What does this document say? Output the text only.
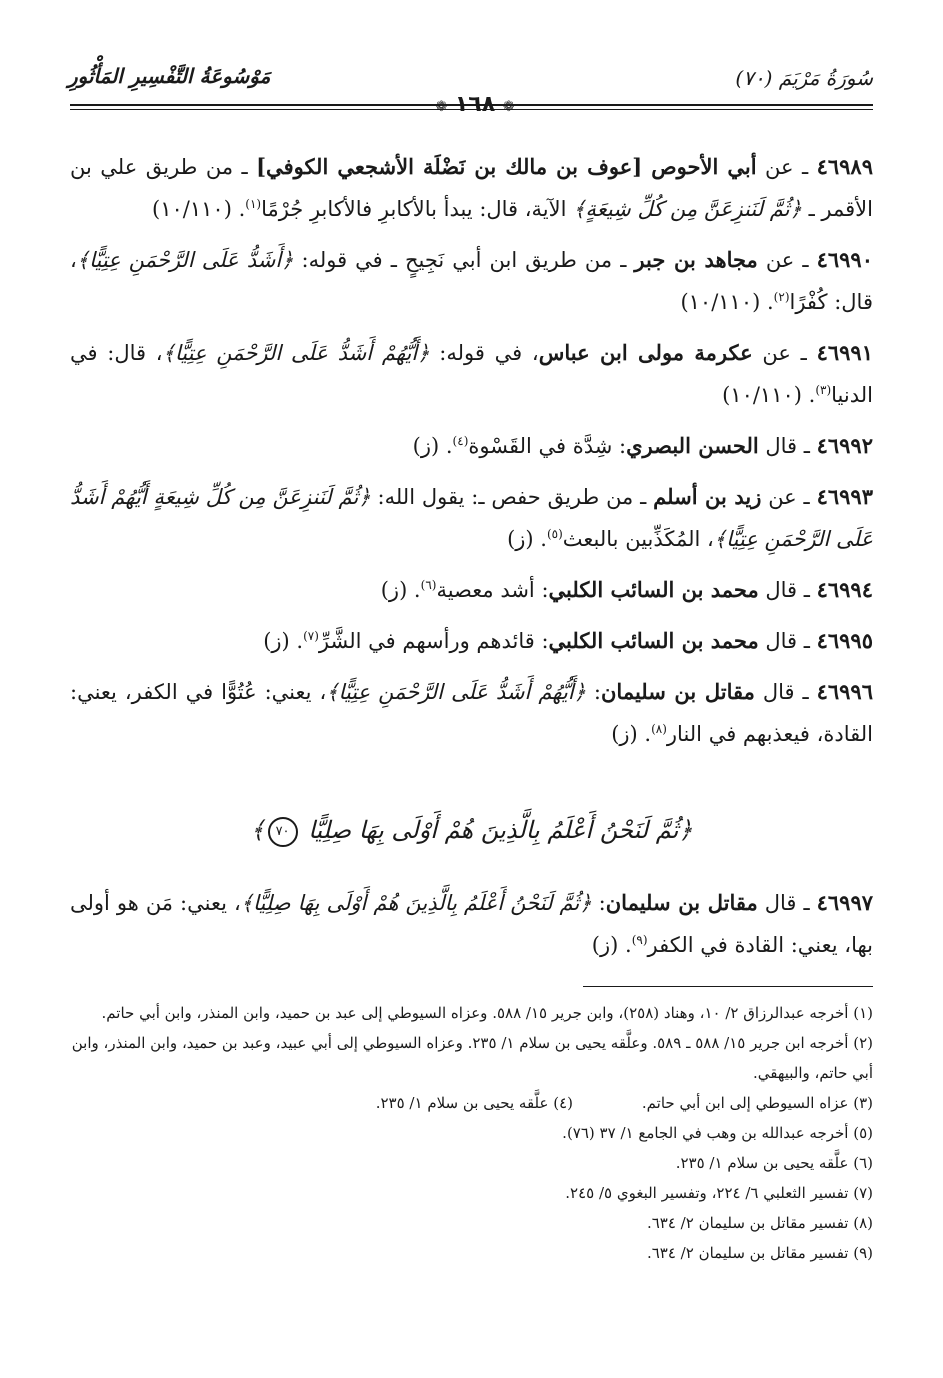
سُورَةُ مَرْيَمَ (٧٠)
❁ ١٦٨ ❁
مَوْسُوعَةُ التَّفْسِيرِ المَأْثُورِ

٤٦٩٨٩ ـ عن أبي الأحوص [عوف بن مالك بن نَضْلَة الأشجعي الكوفي] ـ من طريق علي بن الأقمر ـ ﴿ثُمَّ لَنَنزِعَنَّ مِن كُلِّ شِيعَةٍ﴾ الآية، قال: يبدأ بالأكابرِ فالأكابرِ جُرْمًا$^{(١)}$. (١٠/١١٠)

٤٦٩٩٠ ـ عن مجاهد بن جبر ـ من طريق ابن أبي نَجِيحٍ ـ في قوله: ﴿أَشَدُّ عَلَى الرَّحْمَنِ عِتِيًّا﴾، قال: كُفْرًا$^{(٢)}$. (١٠/١١٠)

٤٦٩٩١ ـ عن عكرمة مولى ابن عباس، في قوله: ﴿أَيُّهُمْ أَشَدُّ عَلَى الرَّحْمَنِ عِتِيًّا﴾، قال: في الدنيا$^{(٣)}$. (١٠/١١٠)

٤٦٩٩٢ ـ قال الحسن البصري: شِدَّة في القَسْوة$^{(٤)}$. (ز)

٤٦٩٩٣ ـ عن زيد بن أسلم ـ من طريق حفص ـ: يقول الله: ﴿ثُمَّ لَنَنزِعَنَّ مِن كُلِّ شِيعَةٍ أَيُّهُمْ أَشَدُّ عَلَى الرَّحْمَنِ عِتِيًّا﴾، المُكَذِّبين بالبعث$^{(٥)}$. (ز)

٤٦٩٩٤ ـ قال محمد بن السائب الكلبي: أشد معصية$^{(٦)}$. (ز)

٤٦٩٩٥ ـ قال محمد بن السائب الكلبي: قائدهم ورأسهم في الشَّرِّ$^{(٧)}$. (ز)

٤٦٩٩٦ ـ قال مقاتل بن سليمان: ﴿أَيُّهُمْ أَشَدُّ عَلَى الرَّحْمَنِ عِتِيًّا﴾، يعني: عُتُوًّا في الكفر، يعني: القادة، فيعذبهم في النار$^{(٨)}$. (ز)

﴿ثُمَّ لَنَحْنُ أَعْلَمُ بِالَّذِينَ هُمْ أَوْلَى بِهَا صِلِيًّا ٧٠﴾

٤٦٩٩٧ ـ قال مقاتل بن سليمان: ﴿ثُمَّ لَنَحْنُ أَعْلَمُ بِالَّذِينَ هُمْ أَوْلَى بِهَا صِلِيًّا﴾، يعني: مَن هو أولى بها، يعني: القادة في الكفر$^{(٩)}$. (ز)

(١) أخرجه عبدالرزاق ٢/ ١٠، وهناد (٢٥٨)، وابن جرير ١٥/ ٥٨٨. وعزاه السيوطي إلى عبد بن حميد، وابن المنذر، وابن أبي حاتم.

(٢) أخرجه ابن جرير ١٥/ ٥٨٨ ـ ٥٨٩. وعلَّقه يحيى بن سلام ١/ ٢٣٥. وعزاه السيوطي إلى أبي عبيد، وعبد بن حميد، وابن المنذر، وابن أبي حاتم، والبيهقي.

(٣) عزاه السيوطي إلى ابن أبي حاتم.

(٤) علَّقه يحيى بن سلام ١/ ٢٣٥.

(٥) أخرجه عبدالله بن وهب في الجامع ١/ ٣٧ (٧٦).

(٦) علَّقه يحيى بن سلام ١/ ٢٣٥.

(٧) تفسير الثعلبي ٦/ ٢٢٤، وتفسير البغوي ٥/ ٢٤٥.

(٨) تفسير مقاتل بن سليمان ٢/ ٦٣٤.

(٩) تفسير مقاتل بن سليمان ٢/ ٦٣٤.
